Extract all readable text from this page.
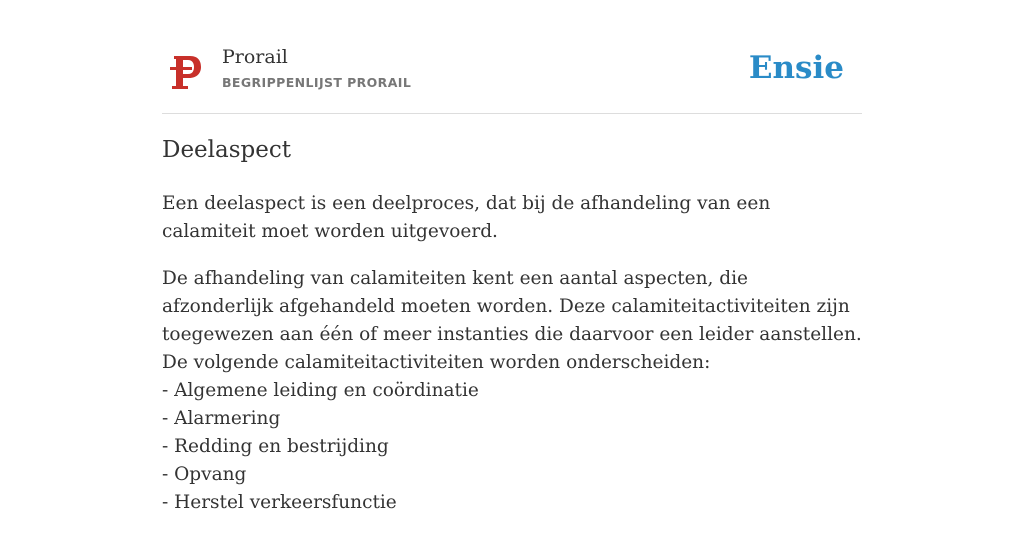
Prorail
BEGRIPPENLIJST PRORAIL	Ensie
Deelaspect

Een deelaspect is een deelproces, dat bij de afhandeling van een calamiteit moet worden uitgevoerd.

De afhandeling van calamiteiten kent een aantal aspecten, die afzonderlijk afgehandeld moeten worden. Deze calamiteitactiviteiten zijn toegewezen aan één of meer instanties die daarvoor een leider aanstellen. De volgende calamiteitactiviteiten worden onderscheiden:
- Algemene leiding en coördinatie
- Alarmering
- Redding en bestrijding
- Opvang
- Herstel verkeersfunctie
